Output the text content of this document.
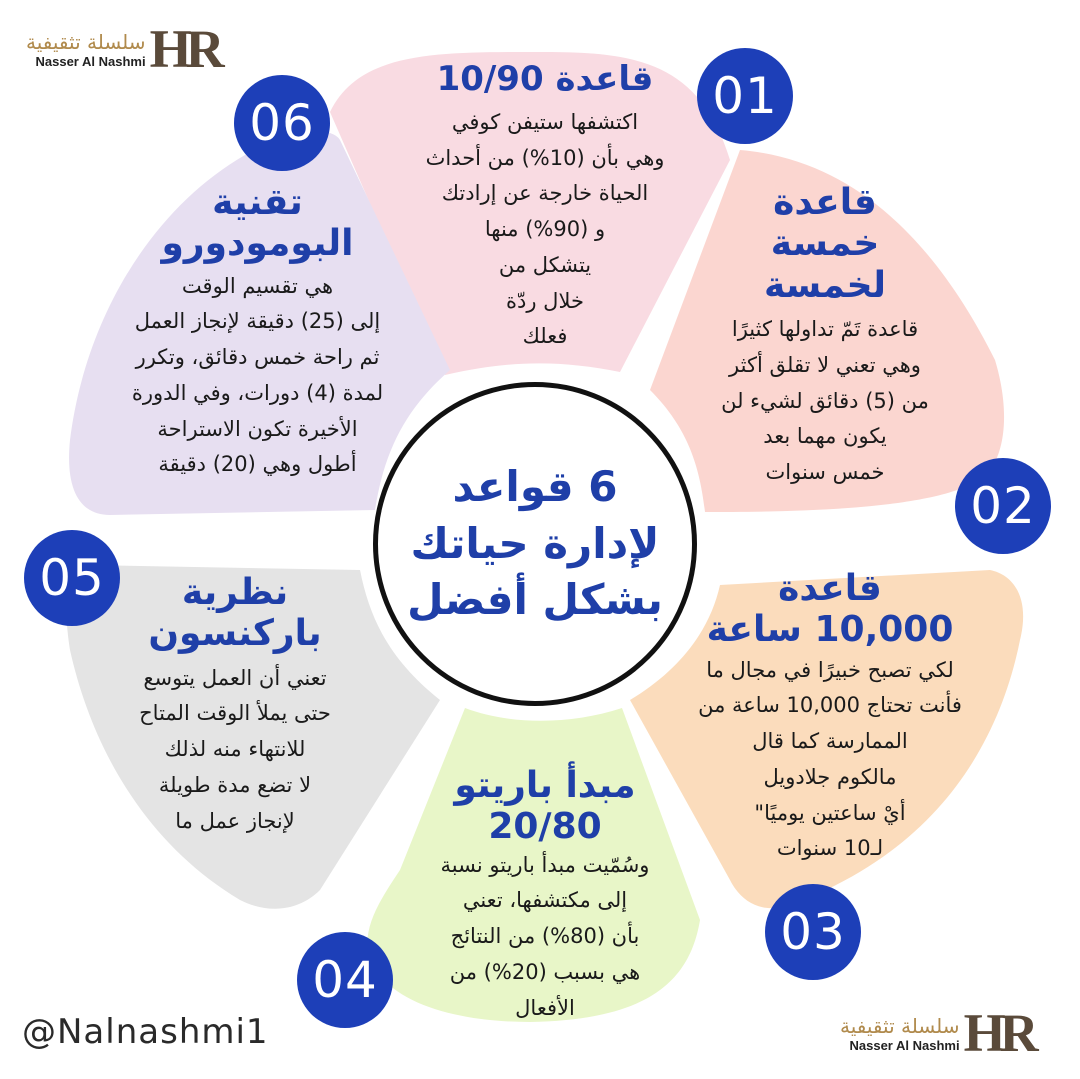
6 قواعد
لإدارة حياتك
بشكل أفضل
قاعدة 10/90
اكتشفها ستيفن كوفي
وهي بأن (10%) من أحداث
الحياة خارجة عن إرادتك
و (90%) منها
يتشكل من
خلال ردّة
فعلك
01
قاعدة
خمسة
لخمسة
قاعدة تَمّ تداولها كثيرًا
وهي تعني لا تقلق أكثر
من (5) دقائق لشيء لن
يكون مهما بعد
خمس سنوات
02
قاعدة
10,000 ساعة
لكي تصبح خبيرًا في مجال ما
فأنت تحتاج 10,000 ساعة من
الممارسة كما قال
مالكوم جلادويل
أيْ ساعتين يوميًا"
لـ10 سنوات
03
مبدأ باريتو
20/80
وسُمّيت مبدأ باريتو نسبة
إلى مكتشفها، تعني
بأن (80%) من النتائج
هي بسبب (20%) من
الأفعال
04
نظرية
باركنسون
تعني أن العمل يتوسع
حتى يملأ الوقت المتاح
للانتهاء منه لذلك
لا تضع مدة طويلة
لإنجاز عمل ما
05
تقنية
البومودورو
هي تقسيم الوقت
إلى (25) دقيقة لإنجاز العمل
ثم راحة خمس دقائق، وتكرر
لمدة (4) دورات، وفي الدورة
الأخيرة تكون الاستراحة
أطول وهي (20) دقيقة
06
سلسلة تثقيفية
Nasser Al Nashmi HR
سلسلة تثقيفية
Nasser Al Nashmi HR
@Nalnashmi1
